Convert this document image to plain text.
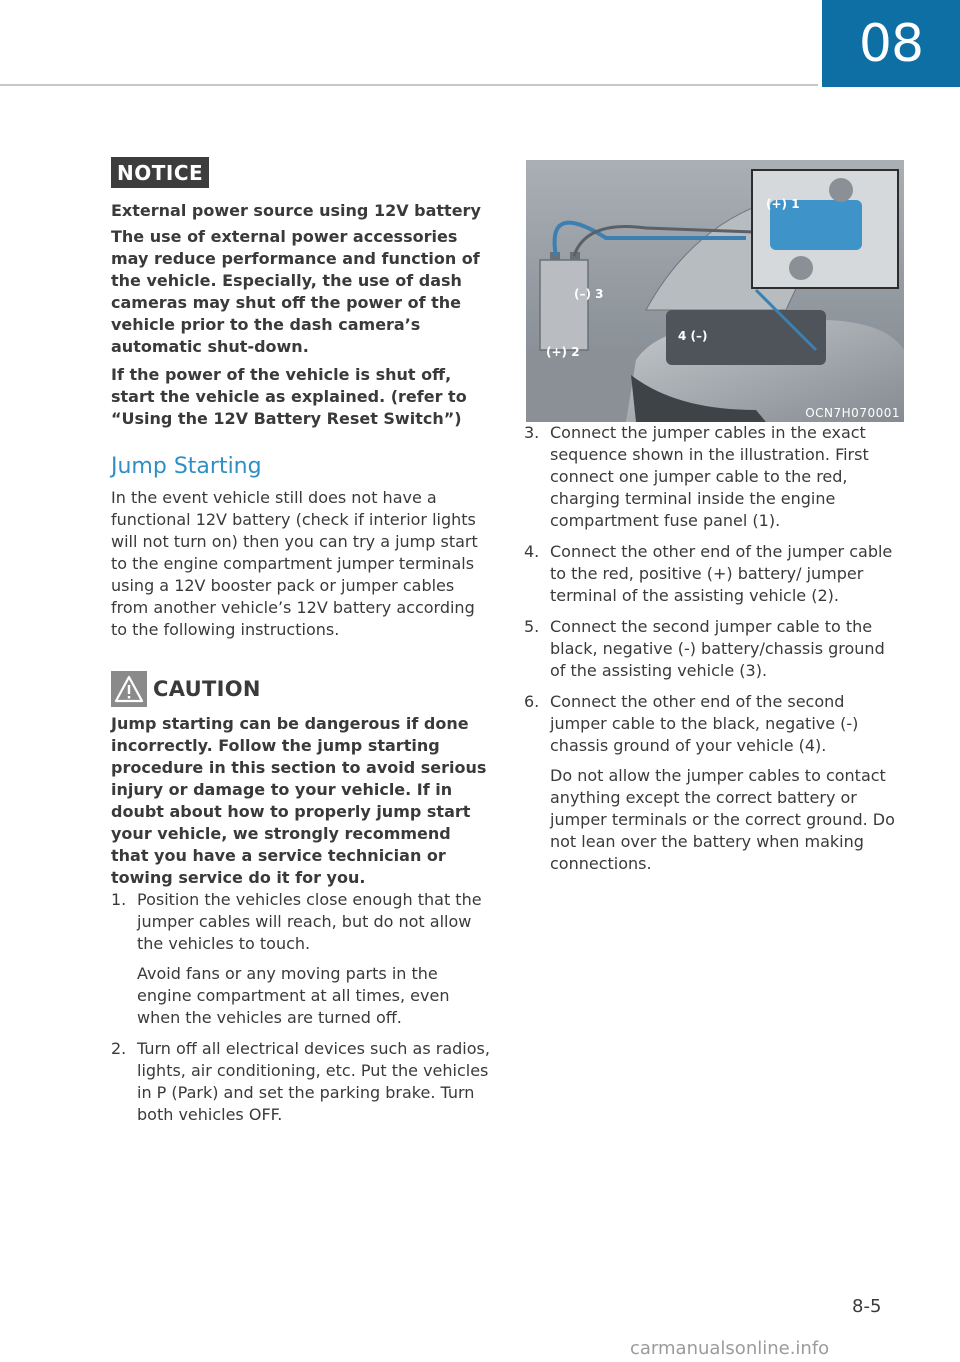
08
NOTICE

External power source using 12V battery

The use of external power accessories may reduce performance and function of the vehicle. Especially, the use of dash cameras may shut off the power of the vehicle prior to the dash camera’s automatic shut-down.

If the power of the vehicle is shut off, start the vehicle as explained. (refer to “Using the 12V Battery Reset Switch”)

Jump Starting

In the event vehicle still does not have a functional 12V battery (check if interior lights will not turn on) then you can try a jump start to the engine compartment jumper terminals using a 12V booster pack or jumper cables from another vehicle’s 12V battery according to the following instructions.

CAUTION

Jump starting can be dangerous if done incorrectly. Follow the jump starting procedure in this section to avoid serious injury or damage to your vehicle. If in doubt about how to properly jump start your vehicle, we strongly recommend that you have a service technician or towing service do it for you.

1. Position the vehicles close enough that the jumper cables will reach, but do not allow the vehicles to touch.

Avoid fans or any moving parts in the engine compartment at all times, even when the vehicles are turned off.

2. Turn off all electrical devices such as radios, lights, air conditioning, etc. Put the vehicles in P (Park) and set the parking brake. Turn both vehicles OFF.

(+) 1
(+) 2
(–) 3
4 (–)
OCN7H070001
3. Connect the jumper cables in the exact sequence shown in the illustration. First connect one jumper cable to the red, charging terminal inside the engine compartment fuse panel (1).

4. Connect the other end of the jumper cable to the red, positive (+) battery/ jumper terminal of the assisting vehicle (2).

5. Connect the second jumper cable to the black, negative (-) battery/chassis ground of the assisting vehicle (3).

6. Connect the other end of the second jumper cable to the black, negative (-) chassis ground of your vehicle (4).

Do not allow the jumper cables to contact anything except the correct battery or jumper terminals or the correct ground. Do not lean over the battery when making connections.

8-5
carmanualsonline.info
